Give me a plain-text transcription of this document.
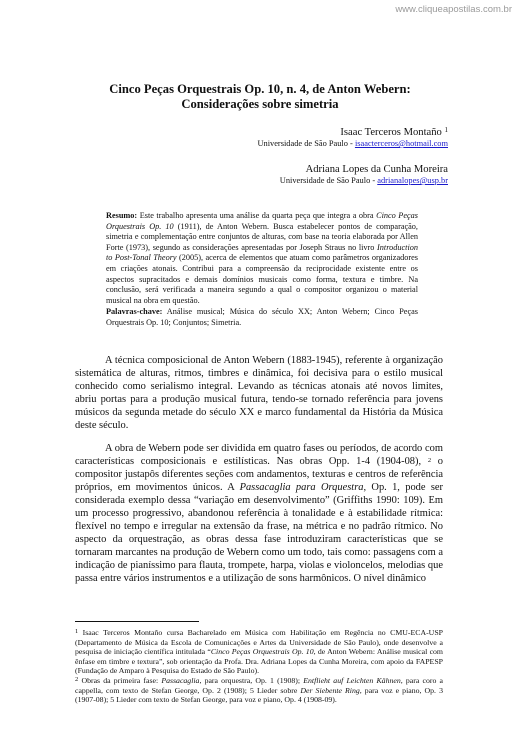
www.cliqueapostilas.com.br
Cinco Peças Orquestrais Op. 10, n. 4, de Anton Webern:
Considerações sobre simetria
Isaac Terceros Montaño $^1$
Universidade de São Paulo - isaacterceros@hotmail.com
Adriana Lopes da Cunha Moreira
Universidade de São Paulo - adrianalopes@usp.br
Resumo: Este trabalho apresenta uma análise da quarta peça que integra a obra Cinco Peças Orquestrais Op. 10 (1911), de Anton Webern. Busca estabelecer pontos de comparação, simetria e complementação entre conjuntos de alturas, com base na teoria elaborada por Allen Forte (1973), segundo as considerações apresentadas por Joseph Straus no livro Introduction to Post-Tonal Theory (2005), acerca de elementos que atuam como parâmetros organizadores em criações atonais. Contribui para a compreensão da reciprocidade existente entre os aspectos supracitados e demais domínios musicais como forma, textura e timbre. Na conclusão, será verificada a maneira segundo a qual o compositor organizou o material musical na obra em questão.
Palavras-chave: Análise musical; Música do século XX; Anton Webern; Cinco Peças Orquestrais Op. 10; Conjuntos; Simetria.

A técnica composicional de Anton Webern (1883-1945), referente à organização sistemática de alturas, ritmos, timbres e dinâmica, foi decisiva para o estilo musical conhecido como serialismo integral. Levando as técnicas atonais até novos limites, abriu portas para a produção musical futura, tendo-se tornado referência para jovens músicos da segunda metade do século XX e marco fundamental da História da Música deste século.

A obra de Webern pode ser dividida em quatro fases ou períodos, de acordo com características composicionais e estilísticas. Nas obras Opp. 1-4 (1904-08), $^2$ o compositor justapôs diferentes seções com andamentos, texturas e centros de referência próprios, em movimentos únicos. A Passacaglia para Orquestra, Op. 1, pode ser considerada exemplo dessa “variação em desenvolvimento” (Griffiths 1990: 109). Em um processo progressivo, abandonou referência à tonalidade e à estabilidade rítmica: flexível no tempo e irregular na extensão da frase, na métrica e no padrão rítmico. No aspecto da orquestração, as obras dessa fase introduziram características que se tornaram marcantes na produção de Webern como um todo, tais como: passagens com a indicação de pianíssimo para flauta, trompete, harpa, violas e violoncelos, melodias que passa entre vários instrumentos e a utilização de sons harmônicos. O nível dinâmico

$^1$ Isaac Terceros Montaño cursa Bacharelado em Música com Habilitação em Regência no CMU-ECA-USP (Departamento de Música da Escola de Comunicações e Artes da Universidade de São Paulo), onde desenvolve a pesquisa de iniciação científica intitulada “Cinco Peças Orquestrais Op. 10, de Anton Webern: Análise musical com ênfase em timbre e textura”, sob orientação da Profa. Dra. Adriana Lopes da Cunha Moreira, com apoio da FAPESP (Fundação de Amparo à Pesquisa do Estado de São Paulo).
$^2$ Obras da primeira fase: Passacaglia, para orquestra, Op. 1 (1908); Entflieht auf Leichten Kähnen, para coro a cappella, com texto de Stefan George, Op. 2 (1908); 5 Lieder sobre Der Siebente Ring, para voz e piano, Op. 3 (1907-08); 5 Lieder com texto de Stefan George, para voz e piano, Op. 4 (1908-09).
